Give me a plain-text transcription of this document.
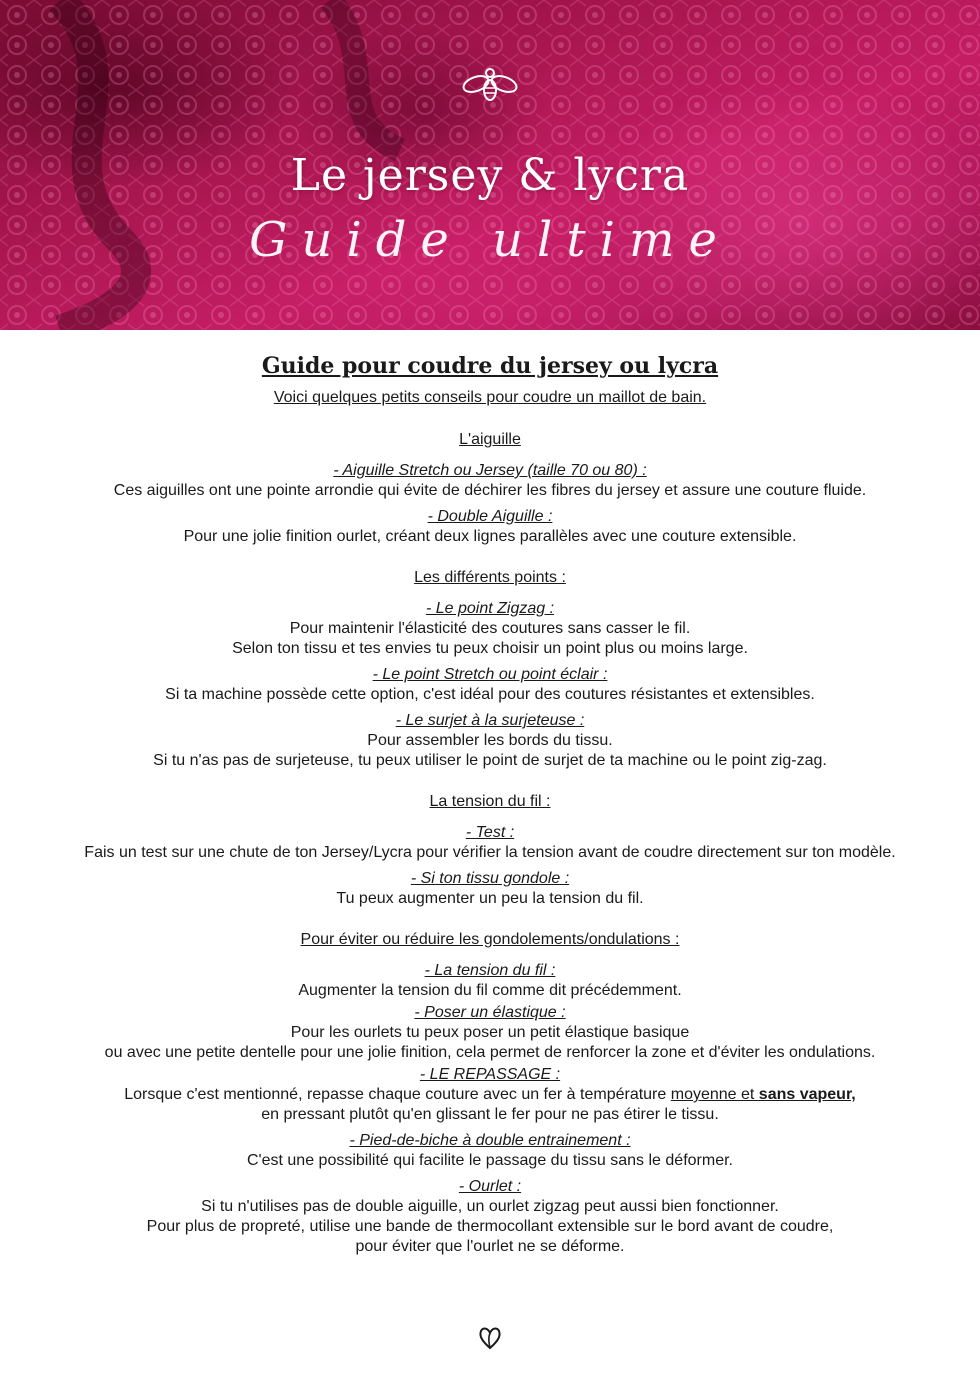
Le jersey & lycra
Guide ultime
Guide pour coudre du jersey ou lycra
Voici quelques petits conseils pour coudre un maillot de bain.
L'aiguille
- Aiguille Stretch ou Jersey (taille 70 ou 80) :
Ces aiguilles ont une pointe arrondie qui évite de déchirer les fibres du jersey et assure une couture fluide.
- Double Aiguille :
Pour une jolie finition ourlet, créant deux lignes parallèles avec une couture extensible.
Les différents points :
- Le point Zigzag :
Pour maintenir l'élasticité des coutures sans casser le fil.
Selon ton tissu et tes envies tu peux choisir un point plus ou moins large.
- Le point Stretch ou point éclair :
Si ta machine possède cette option, c'est idéal pour des coutures résistantes et extensibles.
- Le surjet à la surjeteuse :
Pour assembler les bords du tissu.
Si tu n'as pas de surjeteuse, tu peux utiliser le point de surjet de ta machine ou le point zig-zag.
La tension du fil :
- Test :
Fais un test sur une chute de ton Jersey/Lycra pour vérifier la tension avant de coudre directement sur ton modèle.
- Si ton tissu gondole :
Tu peux augmenter un peu la tension du fil.
Pour éviter ou réduire les gondolements/ondulations :
- La tension du fil :
Augmenter la tension du fil comme dit précédemment.
- Poser un élastique :
Pour les ourlets tu peux poser un petit élastique basique
ou avec une petite dentelle pour une jolie finition, cela permet de renforcer la zone et d'éviter les ondulations.
- LE REPASSAGE :
Lorsque c'est mentionné, repasse chaque couture avec un fer à température moyenne et sans vapeur,
en pressant plutôt qu'en glissant le fer pour ne pas étirer le tissu.
- Pied-de-biche à double entrainement :
C'est une possibilité qui facilite le passage du tissu sans le déformer.
- Ourlet :
Si tu n'utilises pas de double aiguille, un ourlet zigzag peut aussi bien fonctionner.
Pour plus de propreté, utilise une bande de thermocollant extensible sur le bord avant de coudre,
pour éviter que l'ourlet ne se déforme.
